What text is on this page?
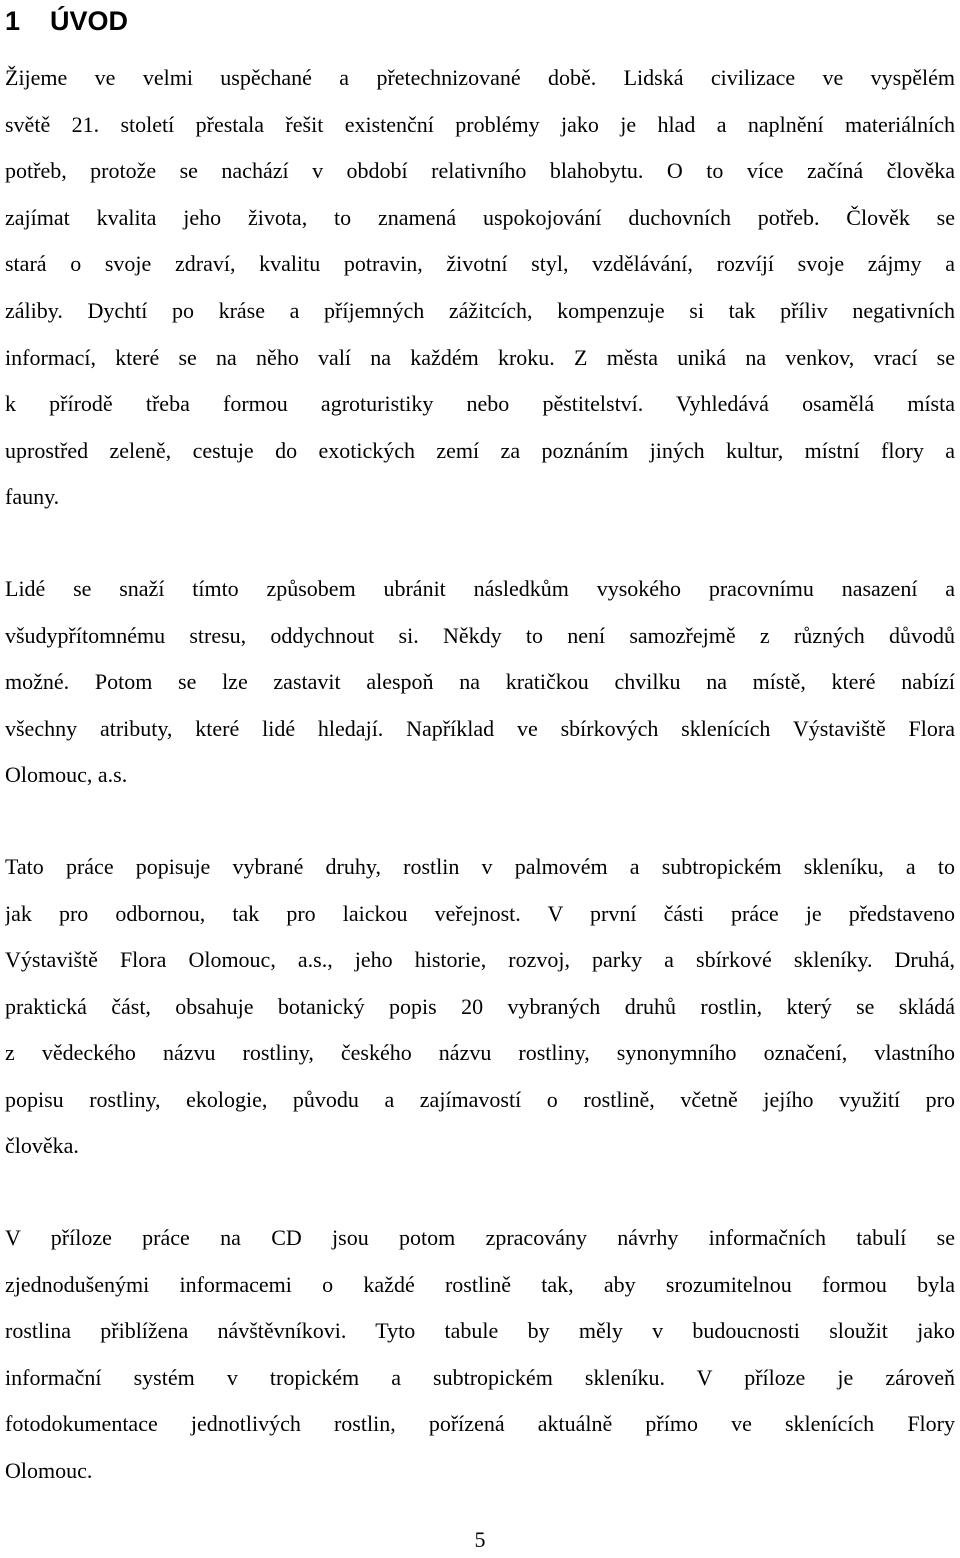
1 ÚVOD
Žijeme ve velmi uspěchané a přetechnizované době. Lidská civilizace ve vyspělém
světě 21. století přestala řešit existenční problémy jako je hlad a naplnění materiálních
potřeb, protože se nachází v období relativního blahobytu. O to více začíná člověka
zajímat kvalita jeho života, to znamená uspokojování duchovních potřeb. Člověk se
stará o svoje zdraví, kvalitu potravin, životní styl, vzdělávání, rozvíjí svoje zájmy a
záliby. Dychtí po kráse a příjemných zážitcích, kompenzuje si tak příliv negativních
informací, které se na něho valí na každém kroku. Z města uniká na venkov, vrací se
k přírodě třeba formou agroturistiky nebo pěstitelství. Vyhledává osamělá místa
uprostřed zeleně, cestuje do exotických zemí za poznáním jiných kultur, místní flory a
fauny.
Lidé se snaží tímto způsobem ubránit následkům vysokého pracovnímu nasazení a
všudypřítomnému stresu, oddychnout si. Někdy to není samozřejmě z různých důvodů
možné. Potom se lze zastavit alespoň na kratičkou chvilku na místě, které nabízí
všechny atributy, které lidé hledají. Například ve sbírkových sklenících Výstaviště Flora
Olomouc, a.s.
Tato práce popisuje vybrané druhy, rostlin v palmovém a subtropickém skleníku, a to
jak pro odbornou, tak pro laickou veřejnost. V první části práce je představeno
Výstaviště Flora Olomouc, a.s., jeho historie, rozvoj, parky a sbírkové skleníky. Druhá,
praktická část, obsahuje botanický popis 20 vybraných druhů rostlin, který se skládá
z vědeckého názvu rostliny, českého názvu rostliny, synonymního označení, vlastního
popisu rostliny, ekologie, původu a zajímavostí o rostlině, včetně jejího využití pro
člověka.
V příloze práce na CD jsou potom zpracovány návrhy informačních tabulí se
zjednodušenými informacemi o každé rostlině tak, aby srozumitelnou formou byla
rostlina přiblížena návštěvníkovi. Tyto tabule by měly v budoucnosti sloužit jako
informační systém v tropickém a subtropickém skleníku. V příloze je zároveň
fotodokumentace jednotlivých rostlin, pořízená aktuálně přímo ve sklenících Flory
Olomouc.
5
